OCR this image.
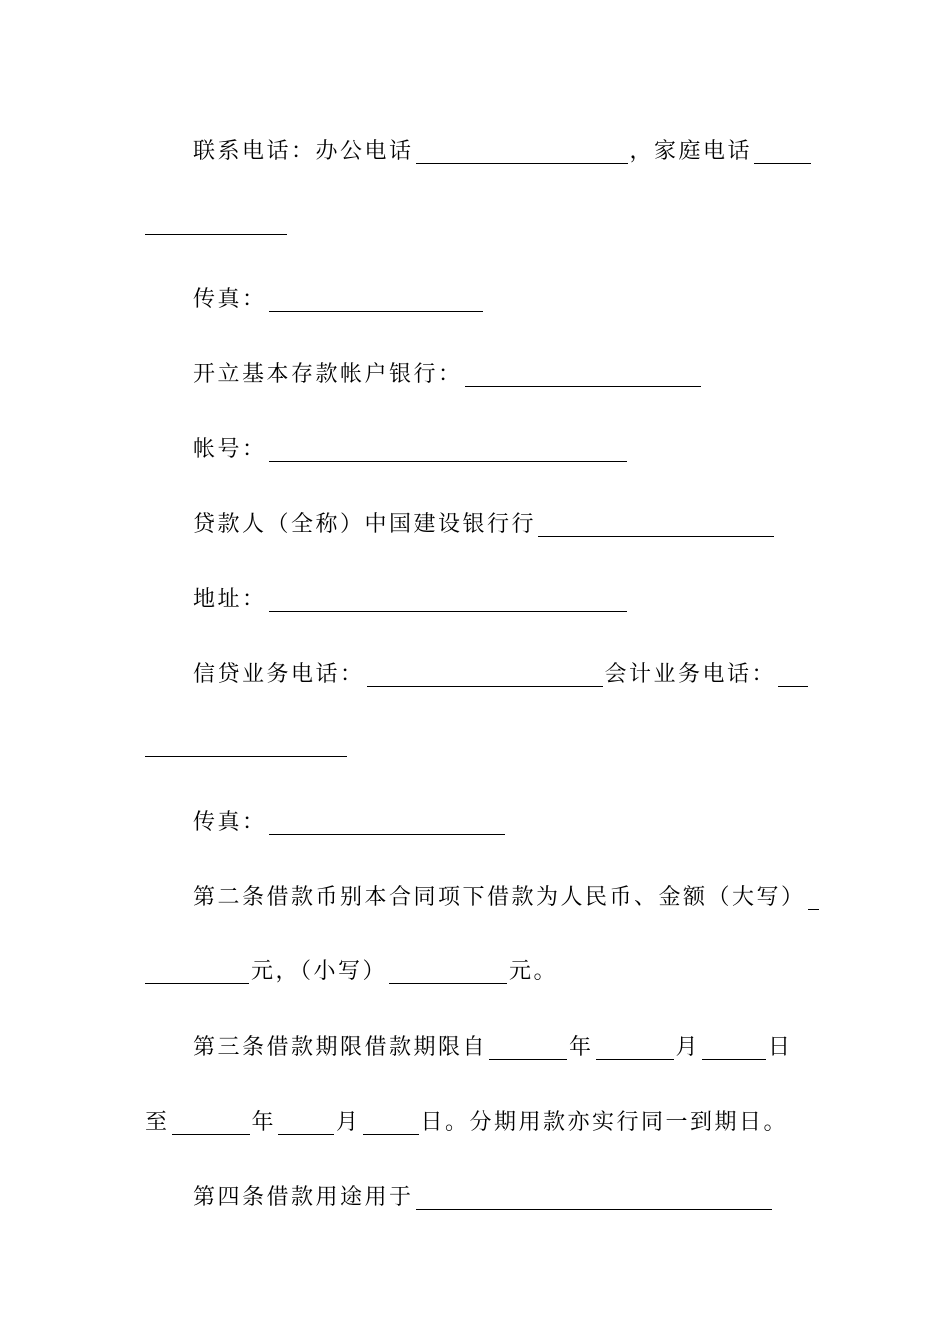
联系电话：办公电话	，家庭电话
传真：
开立基本存款帐户银行：
帐号：
贷款人（全称）中国建设银行行
地址：
信贷业务电话：	会计业务电话：
传真：
第二条借款币别本合同项下借款为人民币、金额（大写）
元，（小写）	元。
第三条借款期限借款期限自	年	月	日
至	年	月	日。分期用款亦实行同一到期日。
第四条借款用途用于
